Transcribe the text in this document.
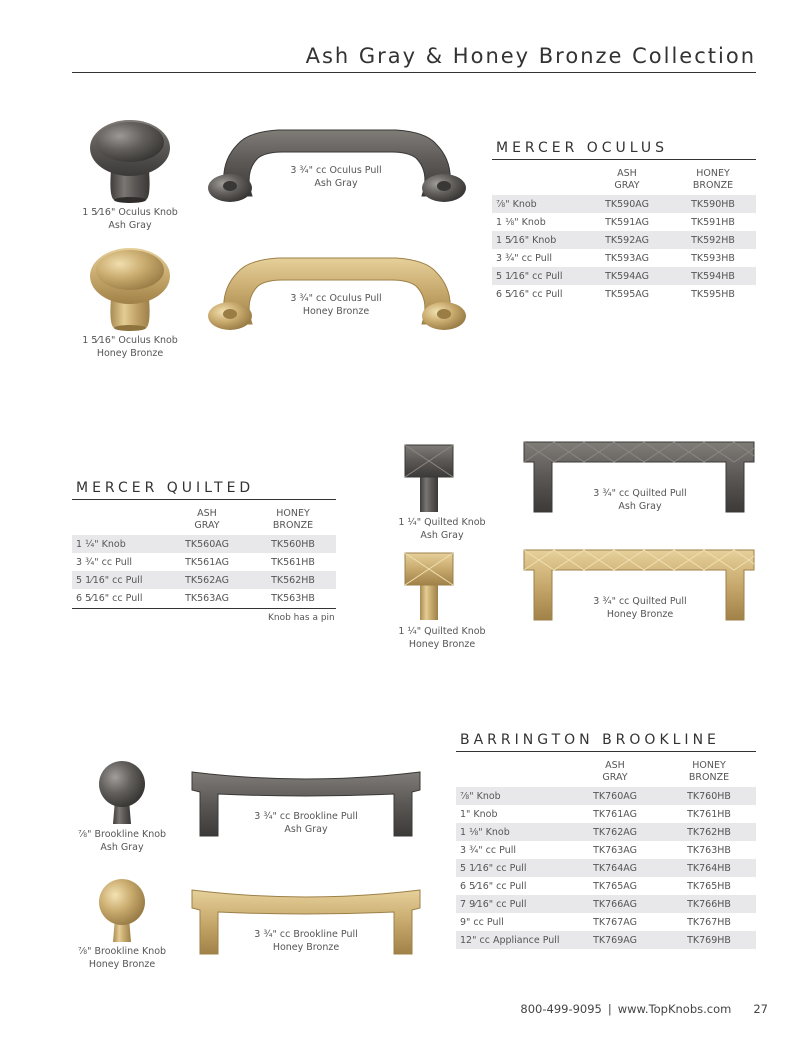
Ash Gray & Honey Bronze Collection
1 5⁄16" Oculus Knob
Ash Gray
1 5⁄16" Oculus Knob
Honey Bronze
3 ¾" cc Oculus Pull
Ash Gray
3 ¾" cc Oculus Pull
Honey Bronze
MERCER OCULUS

	ASH
GRAY	HONEY
BRONZE

⅞" Knob	TK590AG	TK590HB
1 ⅛" Knob	TK591AG	TK591HB
1 5⁄16" Knob	TK592AG	TK592HB
3 ¾" cc Pull	TK593AG	TK593HB
5 1⁄16" cc Pull	TK594AG	TK594HB
6 5⁄16" cc Pull	TK595AG	TK595HB
MERCER QUILTED

	ASH
GRAY	HONEY
BRONZE

1 ¼" Knob	TK560AG	TK560HB
3 ¾" cc Pull	TK561AG	TK561HB
5 1⁄16" cc Pull	TK562AG	TK562HB
6 5⁄16" cc Pull	TK563AG	TK563HB
Knob has a pin
1 ¼" Quilted Knob
Ash Gray
1 ¼" Quilted Knob
Honey Bronze
3 ¾" cc Quilted Pull
Ash Gray
3 ¾" cc Quilted Pull
Honey Bronze
⅞" Brookline Knob
Ash Gray
⅞" Brookline Knob
Honey Bronze
3 ¾" cc Brookline Pull
Ash Gray
3 ¾" cc Brookline Pull
Honey Bronze
BARRINGTON BROOKLINE

	ASH
GRAY	HONEY
BRONZE

⅞" Knob	TK760AG	TK760HB
1" Knob	TK761AG	TK761HB
1 ⅛" Knob	TK762AG	TK762HB
3 ¾" cc Pull	TK763AG	TK763HB
5 1⁄16" cc Pull	TK764AG	TK764HB
6 5⁄16" cc Pull	TK765AG	TK765HB
7 9⁄16" cc Pull	TK766AG	TK766HB
9" cc Pull	TK767AG	TK767HB
12" cc Appliance Pull	TK769AG	TK769HB
800-499-9095 | www.TopKnobs.com 27
